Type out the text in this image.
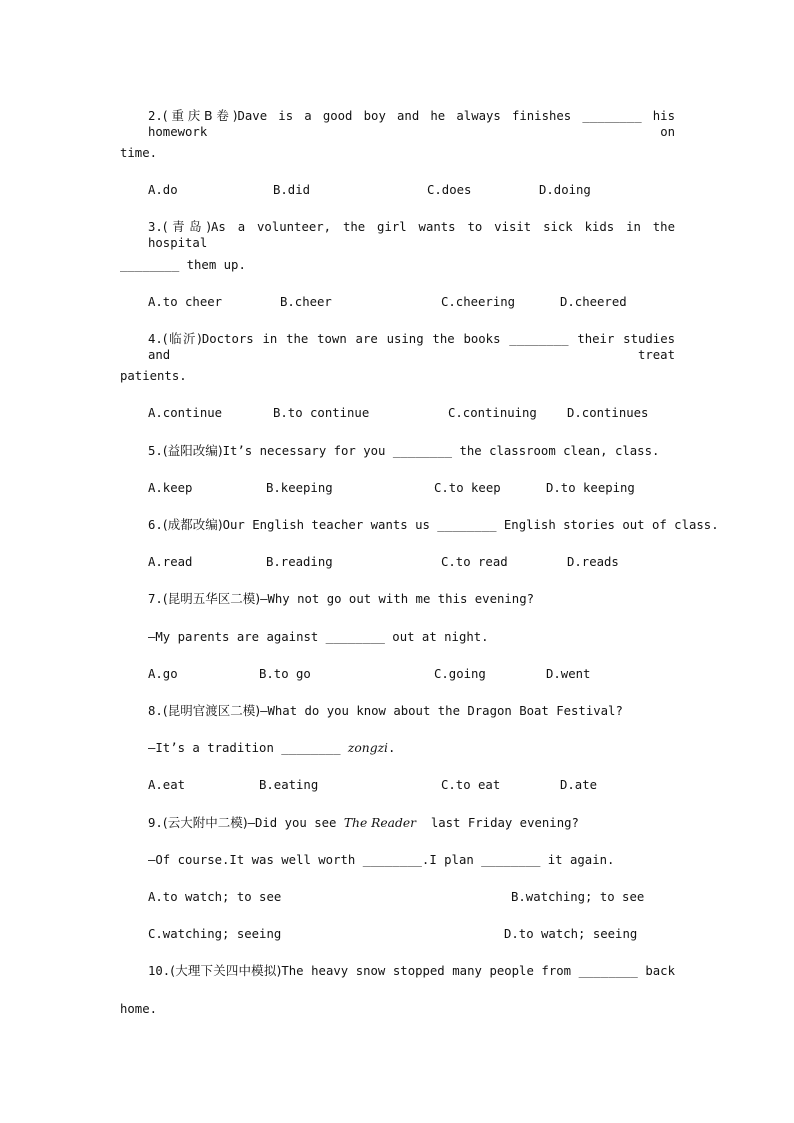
2.(重庆B卷)Dave is a good boy and he always finishes ________ his homework on
time.
A.do	B.did	C.does	D.doing
3.(青岛)As a volunteer, the girl wants to visit sick kids in the hospital
________ them up.
A.to cheer	B.cheer	C.cheering	D.cheered
4.(临沂)Doctors in the town are using the books ________ their studies and treat
patients.
A.continue	B.to continue	C.continuing D.continues
5.(益阳改编)It’s necessary for you ________ the classroom clean, class.
A.keep	B.keeping	C.to keep	D.to keeping
6.(成都改编)Our English teacher wants us ________ English stories out of class.
A.read	B.reading	C.to read	D.reads
7.(昆明五华区二模)—Why not go out with me this evening?
—My parents are against ________ out at night.
A.go	B.to go	C.going	D.went
8.(昆明官渡区二模)—What do you know about the Dragon Boat Festival?
—It’s a tradition ________ zongzi.
A.eat	B.eating	C.to eat	D.ate
9.(云大附中二模)—Did you see The Reader  last Friday evening?
—Of course.It was well worth ________.I plan ________ it again.
A.to watch; to see	B.watching; to see
C.watching; seeing	D.to watch; seeing
10.(大理下关四中模拟)The heavy snow stopped many people from ________ back
home.
